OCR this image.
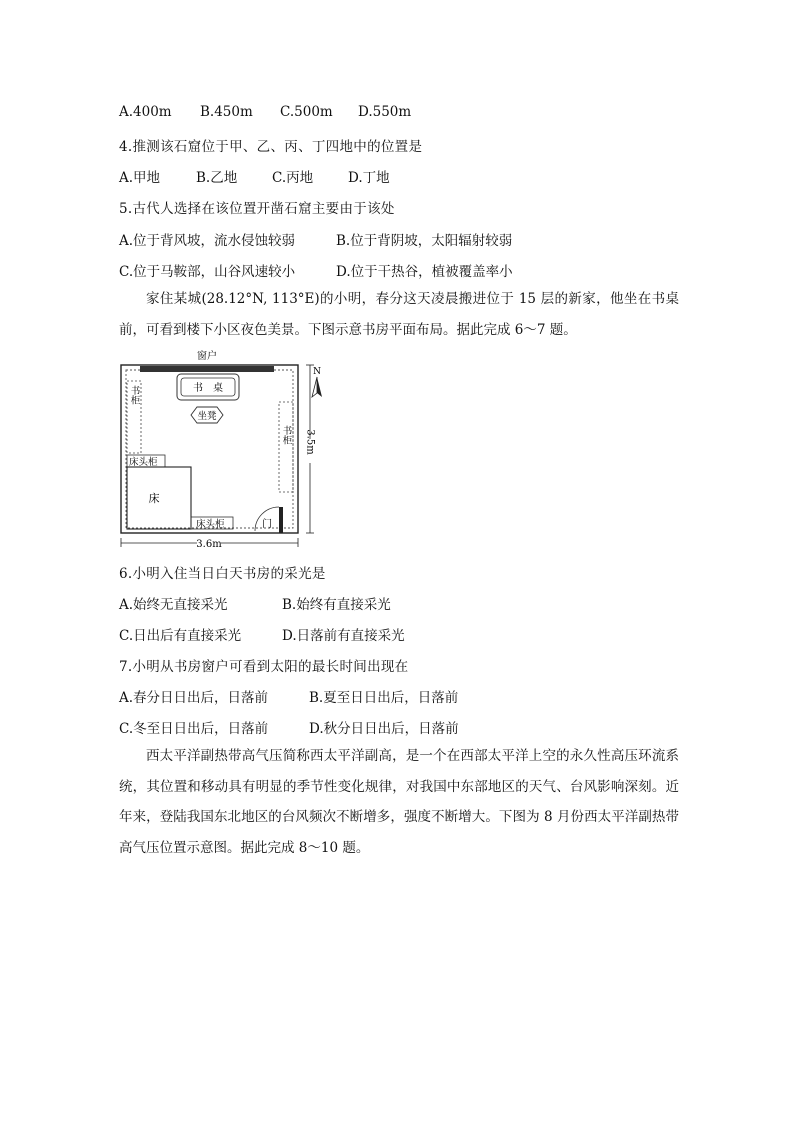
A.400m B.450m C.500m D.550m
4.推测该石窟位于甲、乙、丙、丁四地中的位置是
A.甲地	B.乙地	C.丙地	D.丁地
5.古代人选择在该位置开凿石窟主要由于该处
A.位于背风坡，流水侵蚀较弱	B.位于背阴坡，太阳辐射较弱
C.位于马鞍部，山谷风速较小	D.位于干热谷，植被覆盖率小

家住某城(28.12°N, 113°E)的小明，春分这天凌晨搬进位于 15 层的新家，他坐在书桌前，可看到楼下小区夜色美景。下图示意书房平面布局。据此完成 6～7 题。

窗户
书　桌
坐凳
书柜
书柜
床头柜
床
床头柜	门
3.6m
3.5m
N
6.小明入住当日白天书房的采光是
A.始终无直接采光	B.始终有直接采光
C.日出后有直接采光	D.日落前有直接采光
7.小明从书房窗户可看到太阳的最长时间出现在
A.春分日日出后，日落前	B.夏至日日出后，日落前
C.冬至日日出后，日落前	D.秋分日日出后，日落前

西太平洋副热带高气压简称西太平洋副高，是一个在西部太平洋上空的永久性高压环流系统，其位置和移动具有明显的季节性变化规律，对我国中东部地区的天气、台风影响深刻。近年来，登陆我国东北地区的台风频次不断增多，强度不断增大。下图为 8 月份西太平洋副热带高气压位置示意图。据此完成 8～10 题。
